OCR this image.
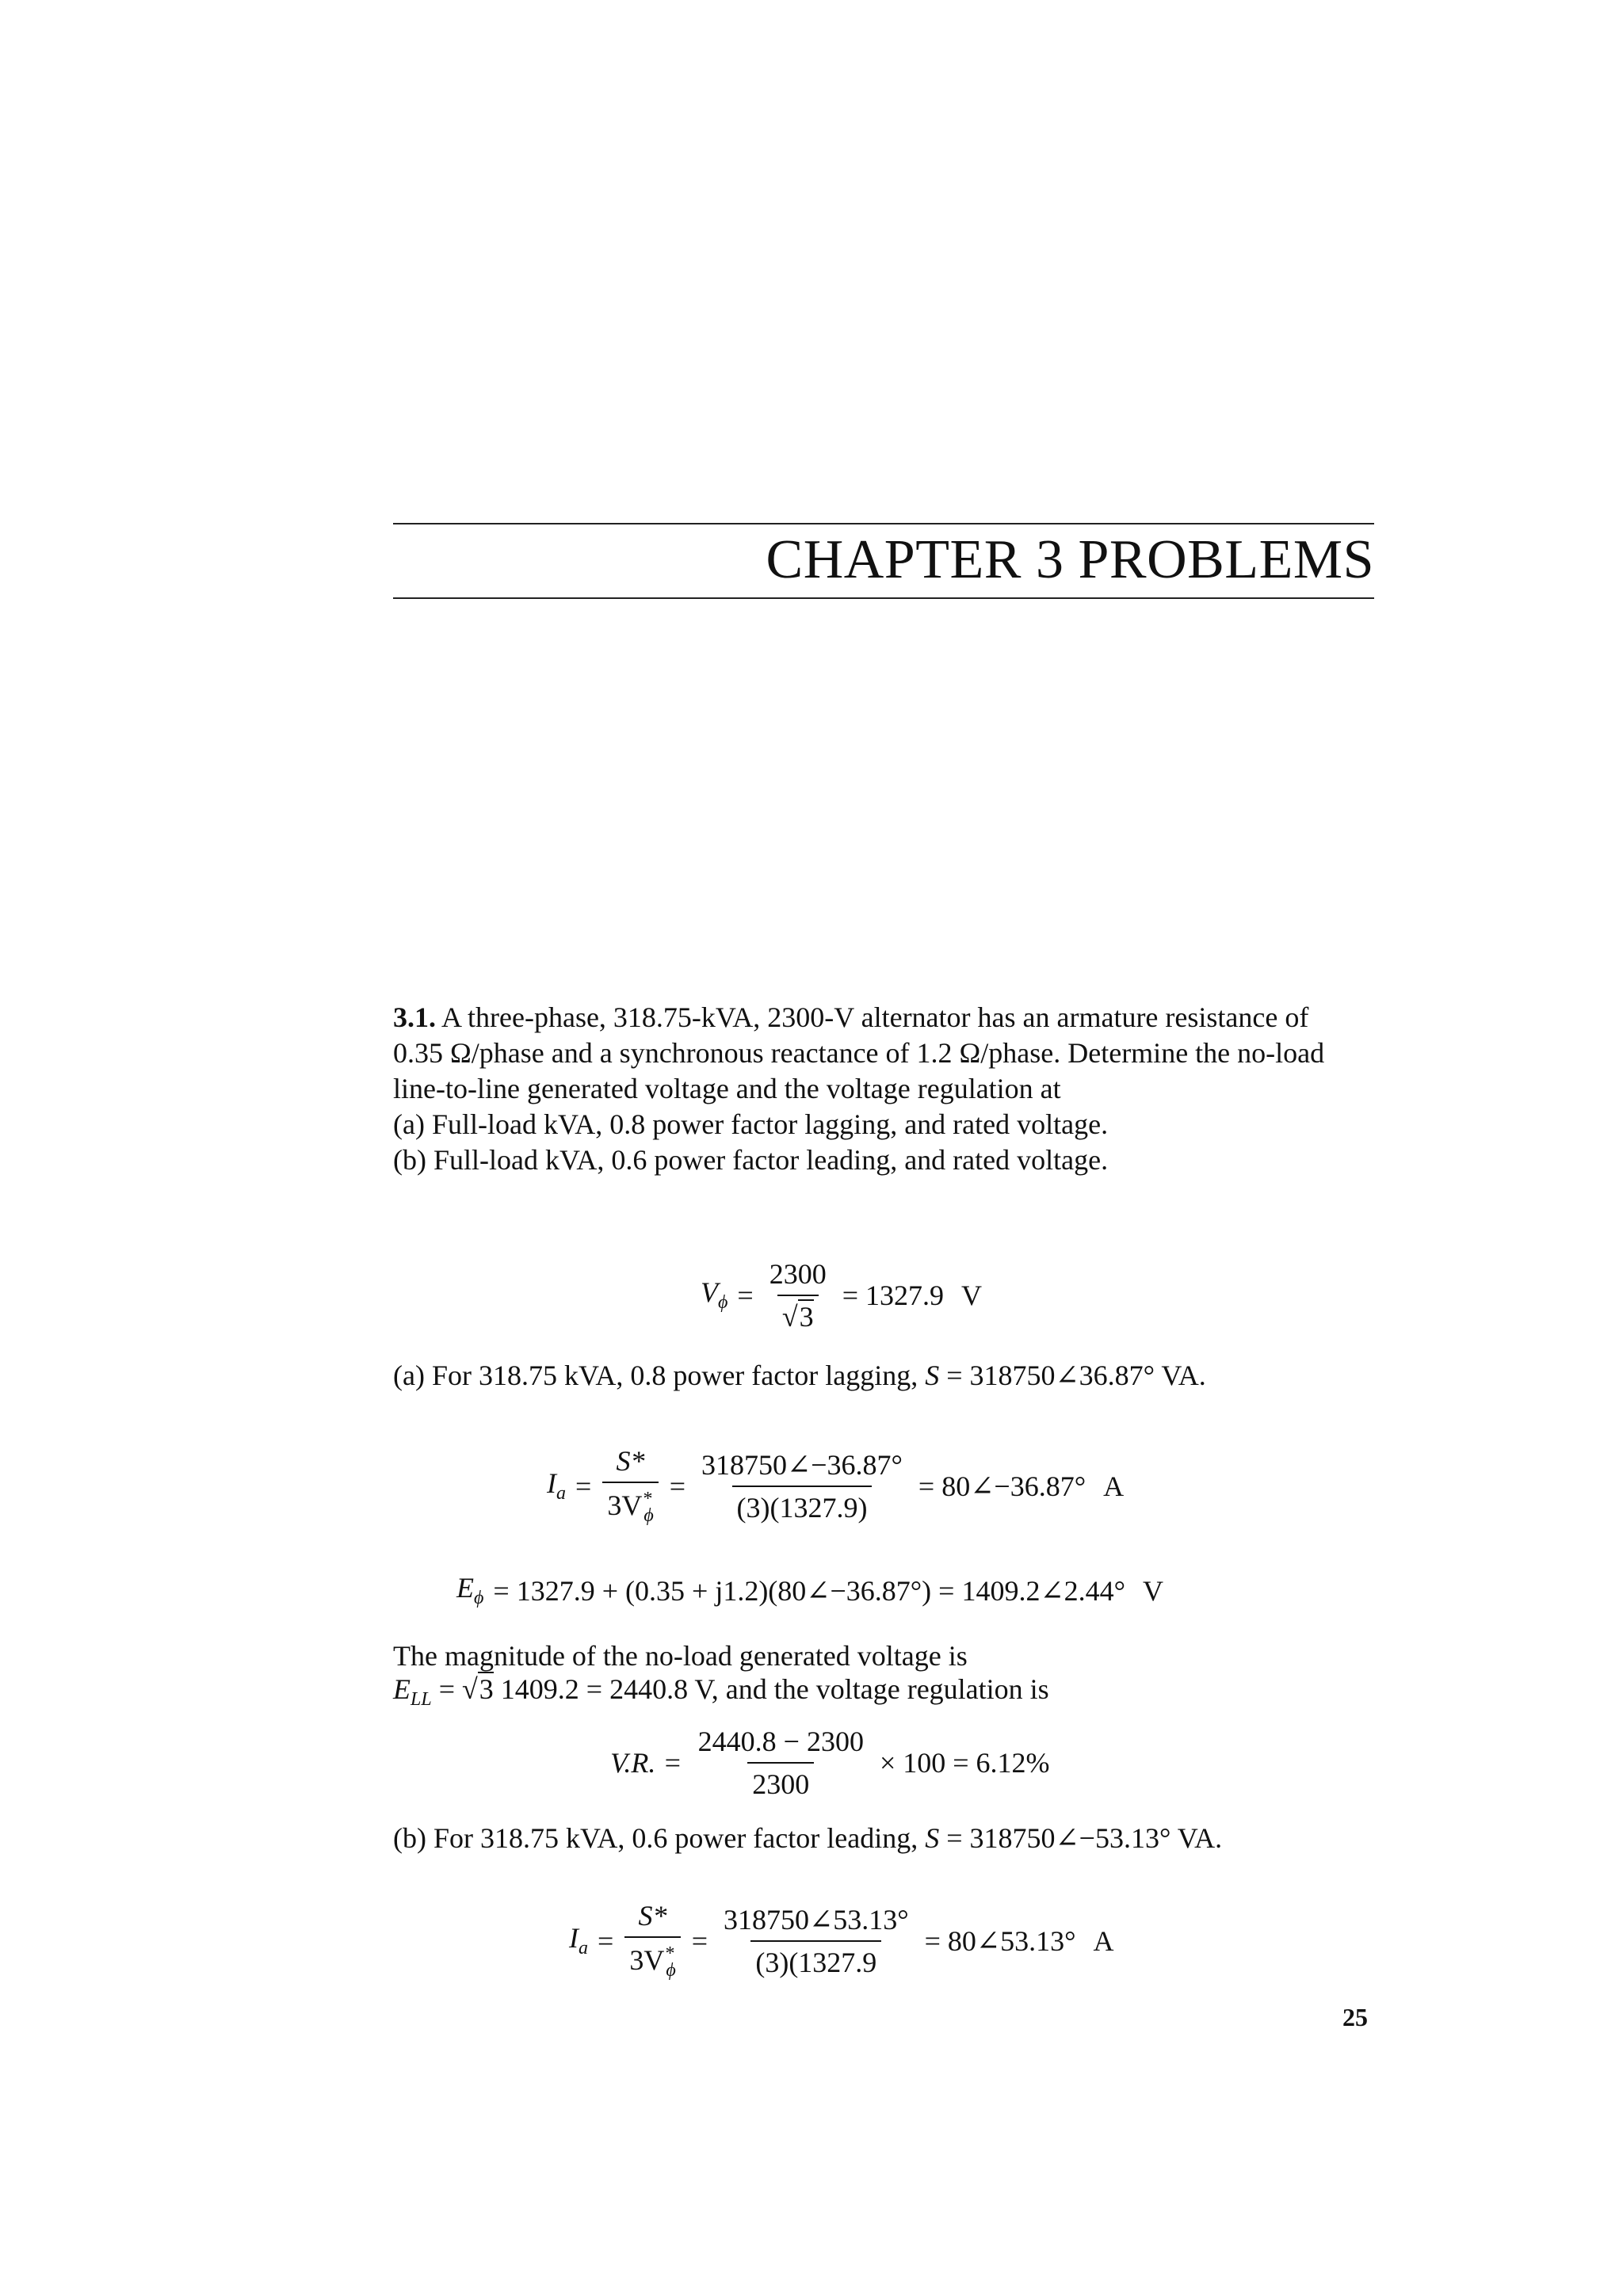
CHAPTER 3 PROBLEMS

3.1. A three-phase, 318.75-kVA, 2300-V alternator has an armature resistance of

0.35 Ω/phase and a synchronous reactance of 1.2 Ω/phase. Determine the no-load

line-to-line generated voltage and the voltage regulation at

(a) Full-load kVA, 0.8 power factor lagging, and rated voltage.

(b) Full-load kVA, 0.6 power factor leading, and rated voltage.

$V_\phi = \frac{2300}{√3} = 1327.9$ V
(a) For 318.75 kVA, 0.8 power factor lagging, S = 318750∠36.87° VA.
$I_a = \frac{S*}{3V^*_\phi} = \frac{318750\angle-36.87^\circ}{(3)(1327.9)}$ = 80∠−36.87° A
$E_\phi = 1327.9 + (0.35$ + j1.2)(80∠−36.87°) = 1409.2∠2.44° V
The magnitude of the no-load generated voltage is
$E_{LL} = √3$ 1409.2 = 2440.8 V, and the voltage regulation is
V.R. = $\frac{2440.8 - 2300}{2300} \times 100 = 6.12\%$
(b) For 318.75 kVA, 0.6 power factor leading, S = 318750∠−53.13° VA.
$I_a = \frac{S*}{3V^*_\phi} = \frac{318750\angle 53.13^\circ}{(3)(1327.9}$ = 80∠53.13° A
25
